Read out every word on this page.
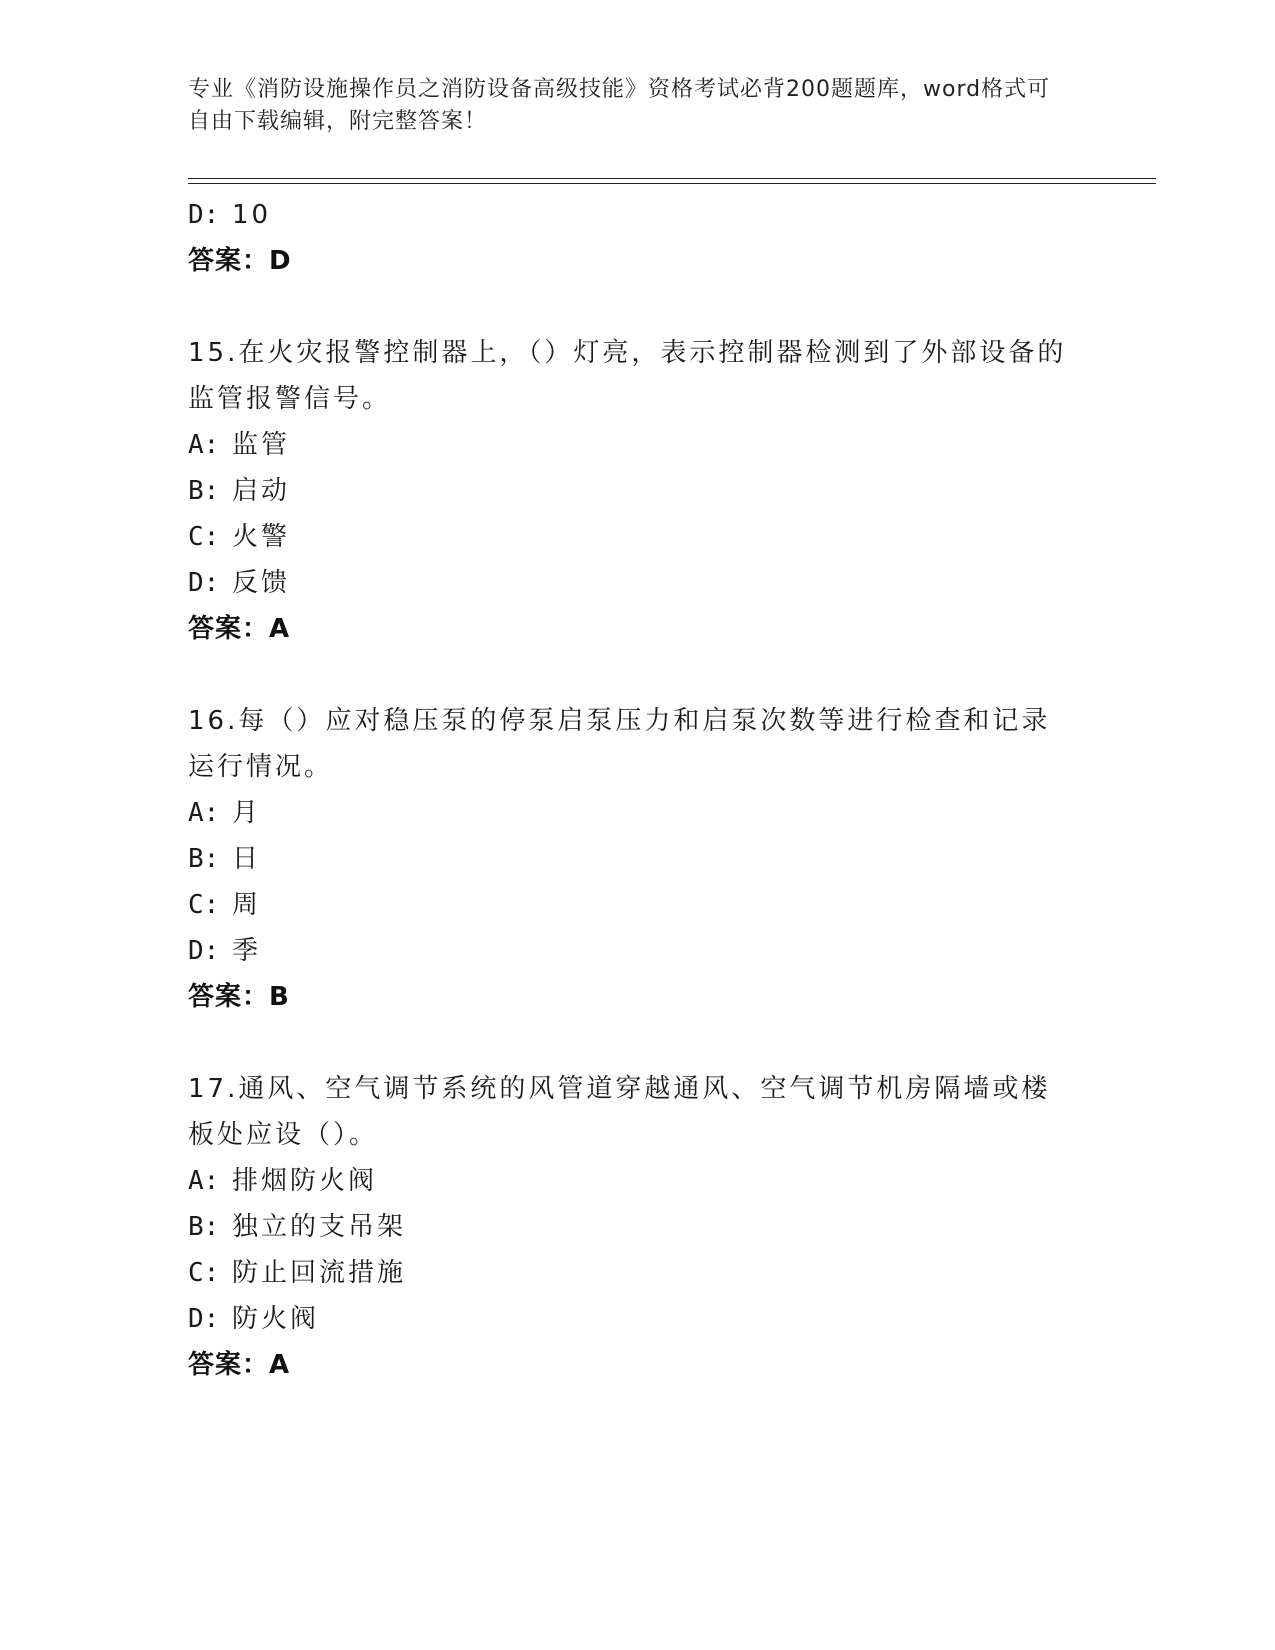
专业《消防设施操作员之消防设备高级技能》资格考试必背200题题库，word格式可自由下载编辑，附完整答案！
D: 10
答案：D
15.在火灾报警控制器上，（）灯亮，表示控制器检测到了外部设备的监管报警信号。
A: 监管
B: 启动
C: 火警
D: 反馈
答案：A
16.每（）应对稳压泵的停泵启泵压力和启泵次数等进行检查和记录运行情况。
A: 月
B: 日
C: 周
D: 季
答案：B
17.通风、空气调节系统的风管道穿越通风、空气调节机房隔墙或楼板处应设（）。
A: 排烟防火阀
B: 独立的支吊架
C: 防止回流措施
D: 防火阀
答案：A
